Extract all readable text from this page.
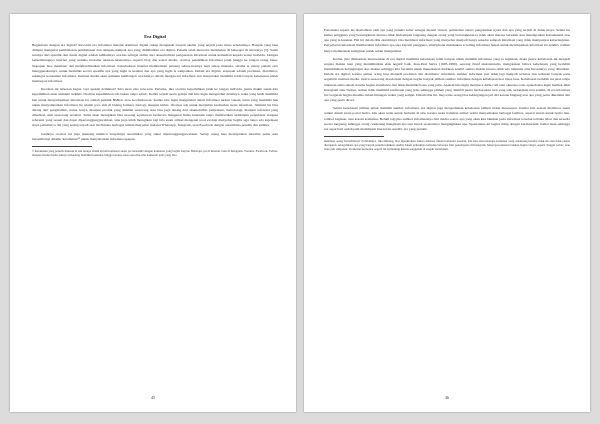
Era Digital

Bagaimana dengan era digital? Revolusi era informasi melalui dominasi digital cukup mengubah banyak skema yang terjadi pada masa sebelumnya. Banyak yang bisa ditinjau mengenai pembahasan-pembahasan dan dampak-dampak apa yang ditimbulkan era digital. Penulis telah mencoba membahas di beberapa di antaranya [5]. Salah satunya dari spesifik dari dunia digital adalah tumbuhnya otoritas sebagai akibat dari desentralisasi penguasaan informasi untuk kemudian kepada setiap individu. Dengan berkembangnya internet yang terbuka bersama turunan-turunannya, seperti blog dan sosial media, otoritas pendidikan informasi jatuh hingga ke tangan orang biasa. Siapapun bisa membuat dan mendistribusikan informasi. Keterbukaan internet memberikan peluang seluas-luasnya bagi setiap manusia, selama ia cukup paham cara menggunakannya, untuk memiliki secara spesifik apa yang ingin ia ketahui dan apa yang ingin ia sampaikan. Dalam era digital, siapapun adalah produsen, distributor, sekaligus konsumen informasi. Institusi media akan semakin kehilangan otoritasnya dalam mengawasi informasi dan masyarakat memiliki lebih banyak kebebasan untuk memsepon informasi.

Keadaan ini terkesan bagus, tapi apakah demikian? Kita akan ulas satu-satu. Pertama, jika otoritas kepemilikan jatuh ke tangan individu, justru makin susah kita kepemilikan akan semakin terkikis. Otoritas kepemilikan ada bukan tanpa sebab. Ketika terjadi suatu gempa dan kita ingin mengetahui detailnya, tentu yang lebih memiliki hak untuk menyampaikan informasi itu adalah pemilik BMKG atau Geofisikawan. Ketika kita ingin mengetahui detail informasi terkait vaksin, tentu yang memiliki hak untuk menyampaikan informasi itu adalah para ahli di bidang farmasi, biologi, maupun kimia. Otoritas ada untuk menjamin keabsahan suatu informasi. Jaminan ini bisa datang dari pengalaman, status, karya, maupun produk yang dimiliki seseorang atau bisa juga datang dari akuntabilitas penjelasan, metodologi, maupun referensi yang diberikan oleh seseorang tersebut. Tentu akan merugikan bisa seorang agamawan berbicara mengenai fisika kuantum tanpa memberikan sedikitpun penjelasan ataupun referensi yang sesuai dan dapat dipertanggungjawabkan, atau juga lebih merugikan lagi bila suatu artikel mengenai teori evolusi menyebar begitu saja tanpa ada kejelasan siapa penulisnya. Ini yang sering terjadi saat ini dimana berbagai tulisan menyebar melalui Whatsapp, Telegram, atau Facebook dengan anonimitas penulis dan sumber.

Jatuhnya otoritas ini juga memang memicu banyaknya anonimitas yang sukar dipertanggungjawabkan. Setiap orang bisa menciptakan identitas palsu atau bersembunyi dibalik 'keramaian'¹² untuk menyebarkan informasi apapun.

¹² Keramaian yang penulis maksud di sini berupa dalam kolom komentar suatu yet tersendiri dengan komentar yang begitu banyak. Beberapa yet di Internet, baik di Instagram, Youtube, Facebook, Twitter, maupun media media lainnya terkadang memiliki komentar hingga beratus-ratus atau ribu-ribu komentar pada yang bisa

45

Fenomena seperti ini disebabkan oleh apa yang penulis sebut sebagai mental virtual, pemisahan antara pengalaman nyata dan apa yang terjadi di dunia maya. Selain itu ketika pengguna yang bersangkutan merasa tidak berhadapan langsung dengan orang yang bersangkutan ia tidak akan merasa bersalah atau mendapatkan konsekuensi atas apa yang ia katakan. Hal ini dalam titik ekstrimnya bisa membuat informasi yang menyebar menjadi hanya sekedar sampah informasi yang tidak mempunyai keberlanjutan. Penyebaran informasi memberikan informasi apa saja kepada pengguna, smartphone melakukan scrolling informasi bukan untuk mendapatkan informasi itu sendiri, namun hanya memuaskan keinginan untuk selalu mengetahui.

Kedua, jika ditekankan meruwetkan di era digital memiliki kebebasan lebih banyak untuk memilih informasi yang ia inginkan, maka justru kebebasan ini menjadi senjata makan tuan yang menimbulkan efek negatif baik, Jean-Paul Sartre (1905-1980), seorang filsuf eksistensialis, mengatakan bahwa kebebasan yang berlebih menimbulkan kebingungan atas makna sehingga kita bertemu untuk menentukan tindakan sendiri semua makna karena tidak ada tuntunan atas batasannya yang diberikan. Dalam era digital, karena semua orang bisa menjadi produsen dan distributor informasi, sumber informasi pun tidak lagi menjadi terbatas dan terkesan banyak pada segelintir institusi media. Justru seseorang disodorkan dengan begitu banyak pilihan sumber informasi dengan kebebasan luar biasa luas. Kebebasan berlebih ini jelas tanpa tuntunan sama sekali, karena begitu abundance dan tidak memiliki batas yang jelas. Apakah kita ingin membaca detik.com atau okezone.com, apakah kita ingin melihat-lihat Instagram atau Twitter, semua tidak memiliki preferensi yang jelas sehingga pilihan yang diambil justru berdasarkan tren yang ada, sedangkan tren sendiri, di era informasi ini, bergerak begitu dinamis dalam hitungan waktu yang sempit. Dalam titik ini, mayoritas orang bisa kebingungan jati diri karena bingung atas apa yang perlu diketahui dan apa yang perlu dicari.

Selain kebebasan pilihan untuk memilih sumber informasi, era digital juga menyediakan kebebasan pilihan untuk meresepon. Ketika kita selesai membaca suatu artikel dalam suatu portal berita, kita akan sadar untuk berhenti di situ, karena suatu halaman artikel selalu menyediakan berbagai fasilitas, seperti tautan untuk berita lain, tombol bagikan, atau kolom komentar. Belum lagi jika sumber informasinya dari media sosial, apa yang akan kita lakukan pada informasi tersebut terbuka lebar dan tersedia secara langsung sehingga orang cenderung mengikuti apa saja hasrat spontannya menginginkan apa. Spontanitas ini begitu mirip dengan karakteristik tradisi lisan sehingga era seperti ini sudah jauh melampaui literasi itu sendiri, era yang penulis

membuat orang 'bersembunyi' di dalamnya. Jika dihitung, bisa diperkirakan bahwa diantara ribuan komentar tersebut, ada satu atau beberapa komentar yang cenderung bersifat tidak etis dan tidak pantas diucapkan, sebagaimana apa yang banyak penulis temukan sendiri dalam praktiknya terhadap beberapa fitur penempatan di Instagram, beberapa komentar bahkan begitu vulgar, seperti 'tinggal sodok', atau 'mau jadi simpanan'. Komentar-komentar seperti ini terlindungi karena tenggelam di tengah 'keramaian'.

46
